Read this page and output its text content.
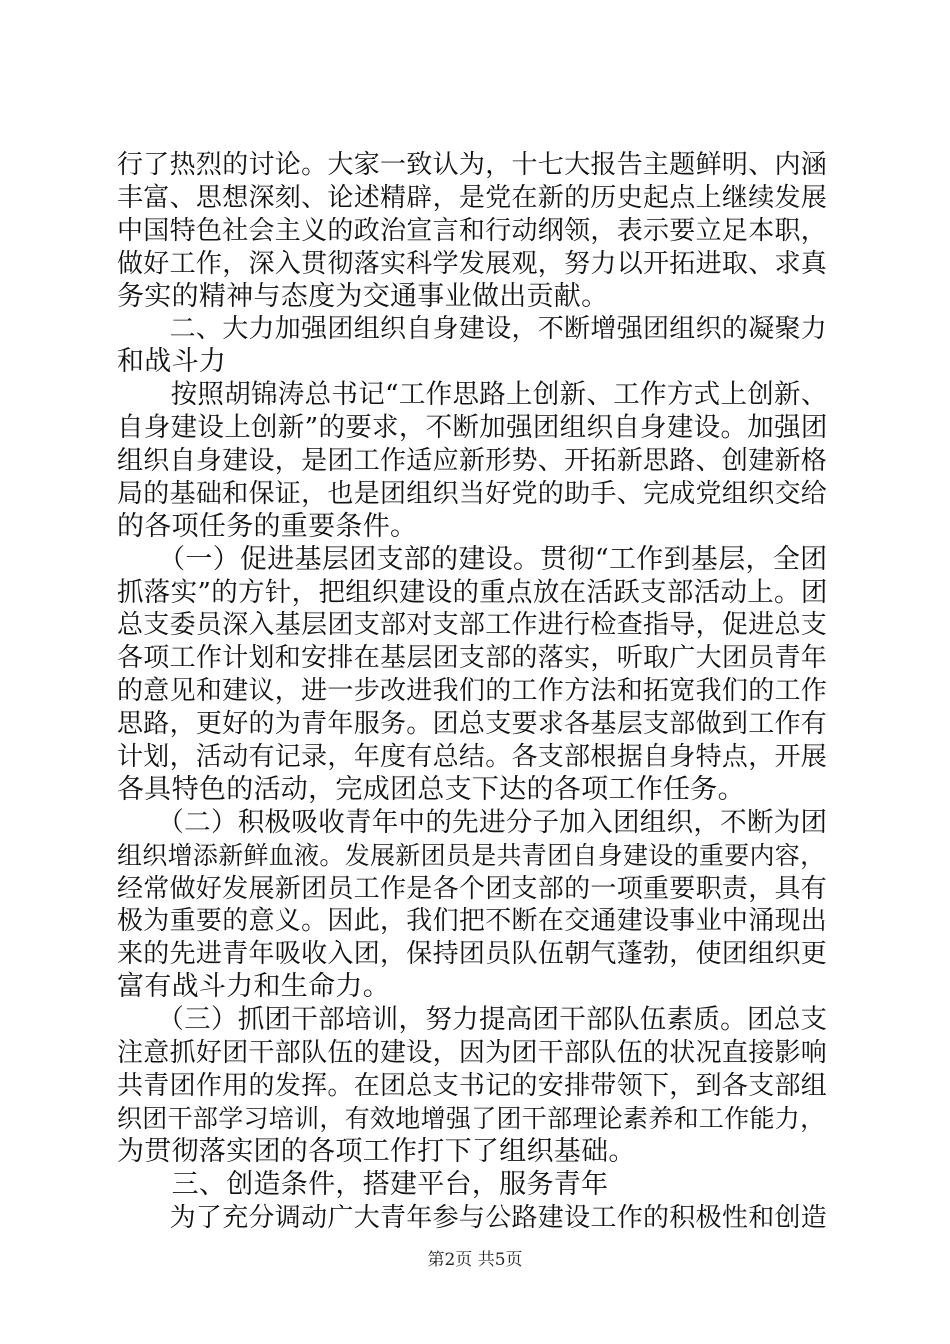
行了热烈的讨论。大家一致认为，十七大报告主题鲜明、内涵
丰富、思想深刻、论述精辟，是党在新的历史起点上继续发展
中国特色社会主义的政治宣言和行动纲领，表示要立足本职，
做好工作，深入贯彻落实科学发展观，努力以开拓进取、求真
务实的精神与态度为交通事业做出贡献。
　　二、大力加强团组织自身建设，不断增强团组织的凝聚力
和战斗力
　　按照胡锦涛总书记“工作思路上创新、工作方式上创新、
自身建设上创新”的要求，不断加强团组织自身建设。加强团
组织自身建设，是团工作适应新形势、开拓新思路、创建新格
局的基础和保证，也是团组织当好党的助手、完成党组织交给
的各项任务的重要条件。
　　（一）促进基层团支部的建设。贯彻“工作到基层，全团
抓落实”的方针，把组织建设的重点放在活跃支部活动上。团
总支委员深入基层团支部对支部工作进行检查指导，促进总支
各项工作计划和安排在基层团支部的落实，听取广大团员青年
的意见和建议，进一步改进我们的工作方法和拓宽我们的工作
思路，更好的为青年服务。团总支要求各基层支部做到工作有
计划，活动有记录，年度有总结。各支部根据自身特点，开展
各具特色的活动，完成团总支下达的各项工作任务。
　　（二）积极吸收青年中的先进分子加入团组织，不断为团
组织增添新鲜血液。发展新团员是共青团自身建设的重要内容，
经常做好发展新团员工作是各个团支部的一项重要职责，具有
极为重要的意义。因此，我们把不断在交通建设事业中涌现出
来的先进青年吸收入团，保持团员队伍朝气蓬勃，使团组织更
富有战斗力和生命力。
　　（三）抓团干部培训，努力提高团干部队伍素质。团总支
注意抓好团干部队伍的建设，因为团干部队伍的状况直接影响
共青团作用的发挥。在团总支书记的安排带领下，到各支部组
织团干部学习培训，有效地增强了团干部理论素养和工作能力，
为贯彻落实团的各项工作打下了组织基础。
　　三、创造条件，搭建平台，服务青年
　　为了充分调动广大青年参与公路建设工作的积极性和创造
第2页 共5页
